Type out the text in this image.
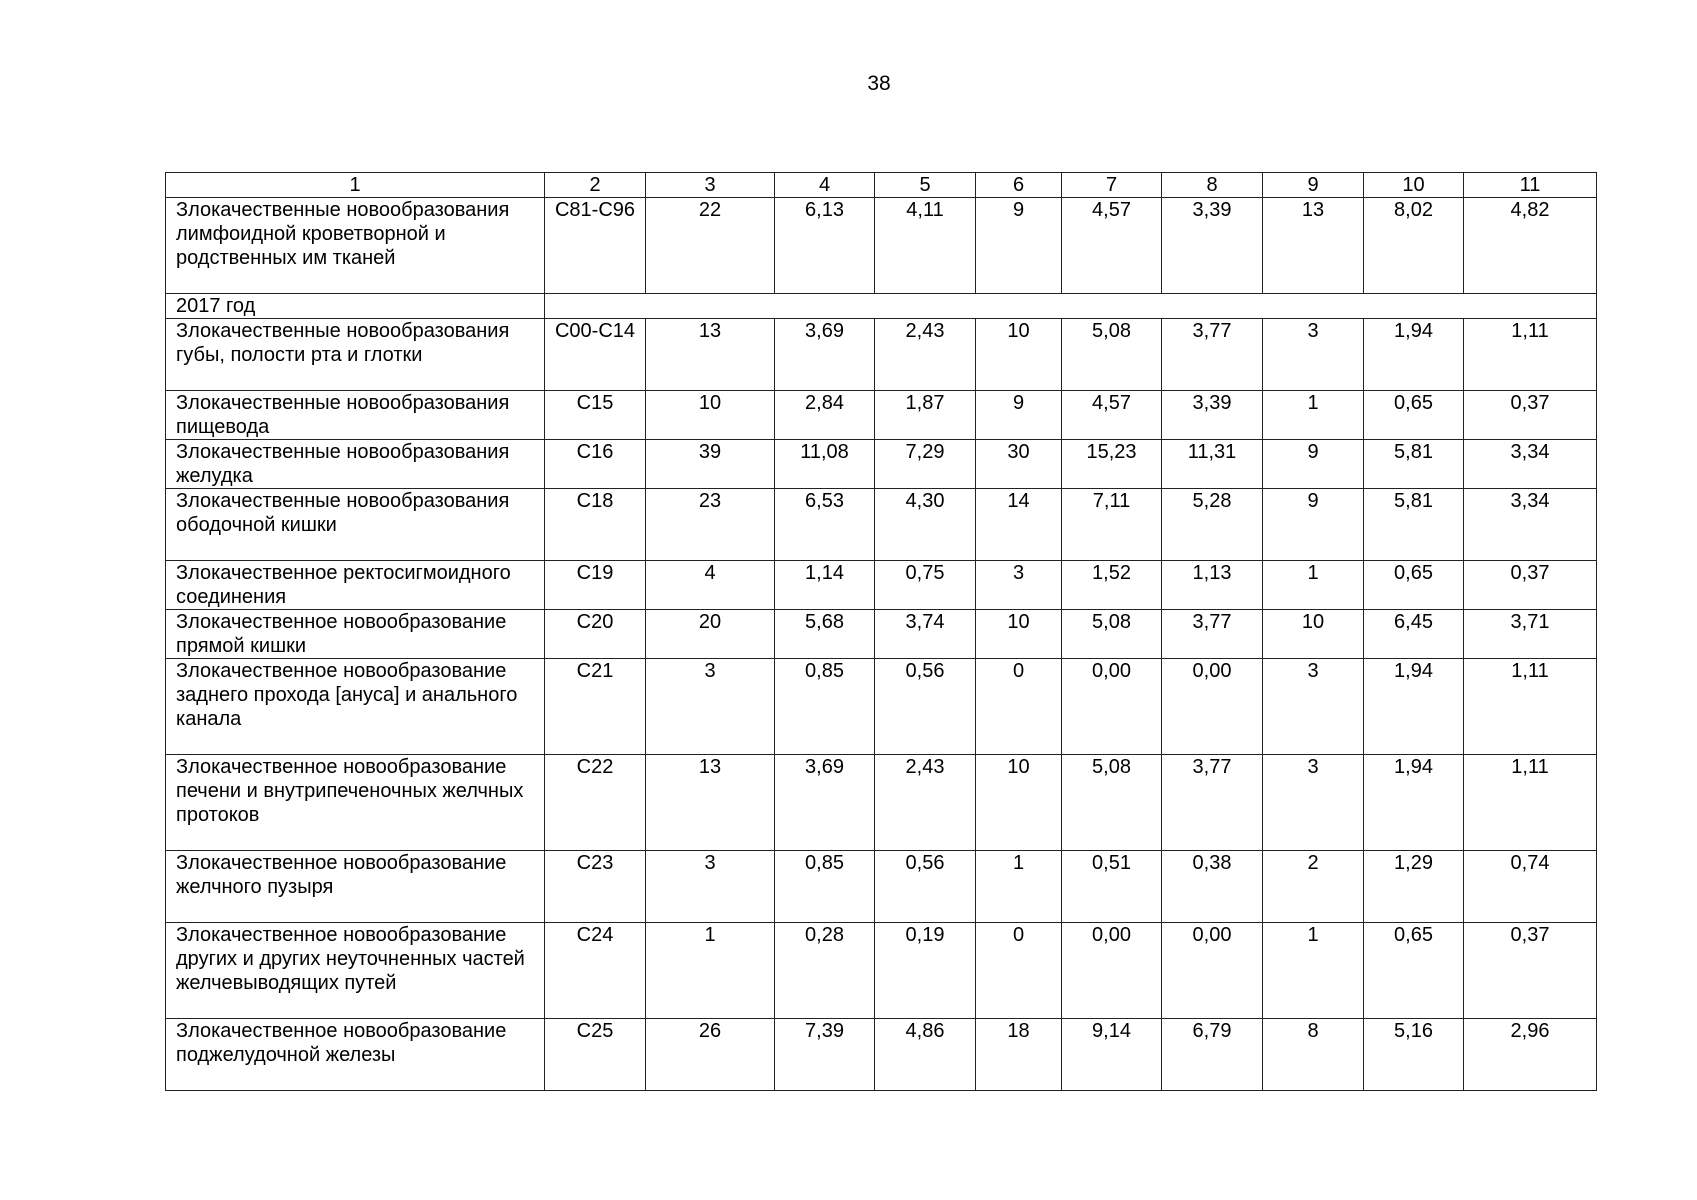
38
1	2	3	4	5	6	7	8	9	10	11
Злокачественные новообразования лимфоидной кроветворной и родственных им тканей	С81-С96	22	6,13	4,11	9	4,57	3,39	13	8,02	4,82
2017 год										
Злокачественные новообразования губы, полости рта и глотки	С00-С14	13	3,69	2,43	10	5,08	3,77	3	1,94	1,11
Злокачественные новообразования пищевода	С15	10	2,84	1,87	9	4,57	3,39	1	0,65	0,37
Злокачественные новообразования желудка	С16	39	11,08	7,29	30	15,23	11,31	9	5,81	3,34
Злокачественные новообразования ободочной кишки	С18	23	6,53	4,30	14	7,11	5,28	9	5,81	3,34
Злокачественное ректосигмоидного соединения	С19	4	1,14	0,75	3	1,52	1,13	1	0,65	0,37
Злокачественное новообразование прямой кишки	С20	20	5,68	3,74	10	5,08	3,77	10	6,45	3,71
Злокачественное новообразование заднего прохода [ануса] и анального канала	С21	3	0,85	0,56	0	0,00	0,00	3	1,94	1,11
Злокачественное новообразование печени и внутрипеченочных желчных протоков	С22	13	3,69	2,43	10	5,08	3,77	3	1,94	1,11
Злокачественное новообразование желчного пузыря	С23	3	0,85	0,56	1	0,51	0,38	2	1,29	0,74
Злокачественное новообразование других и других неуточненных частей желчевыводящих путей	С24	1	0,28	0,19	0	0,00	0,00	1	0,65	0,37
Злокачественное новообразование поджелудочной железы	С25	26	7,39	4,86	18	9,14	6,79	8	5,16	2,96
